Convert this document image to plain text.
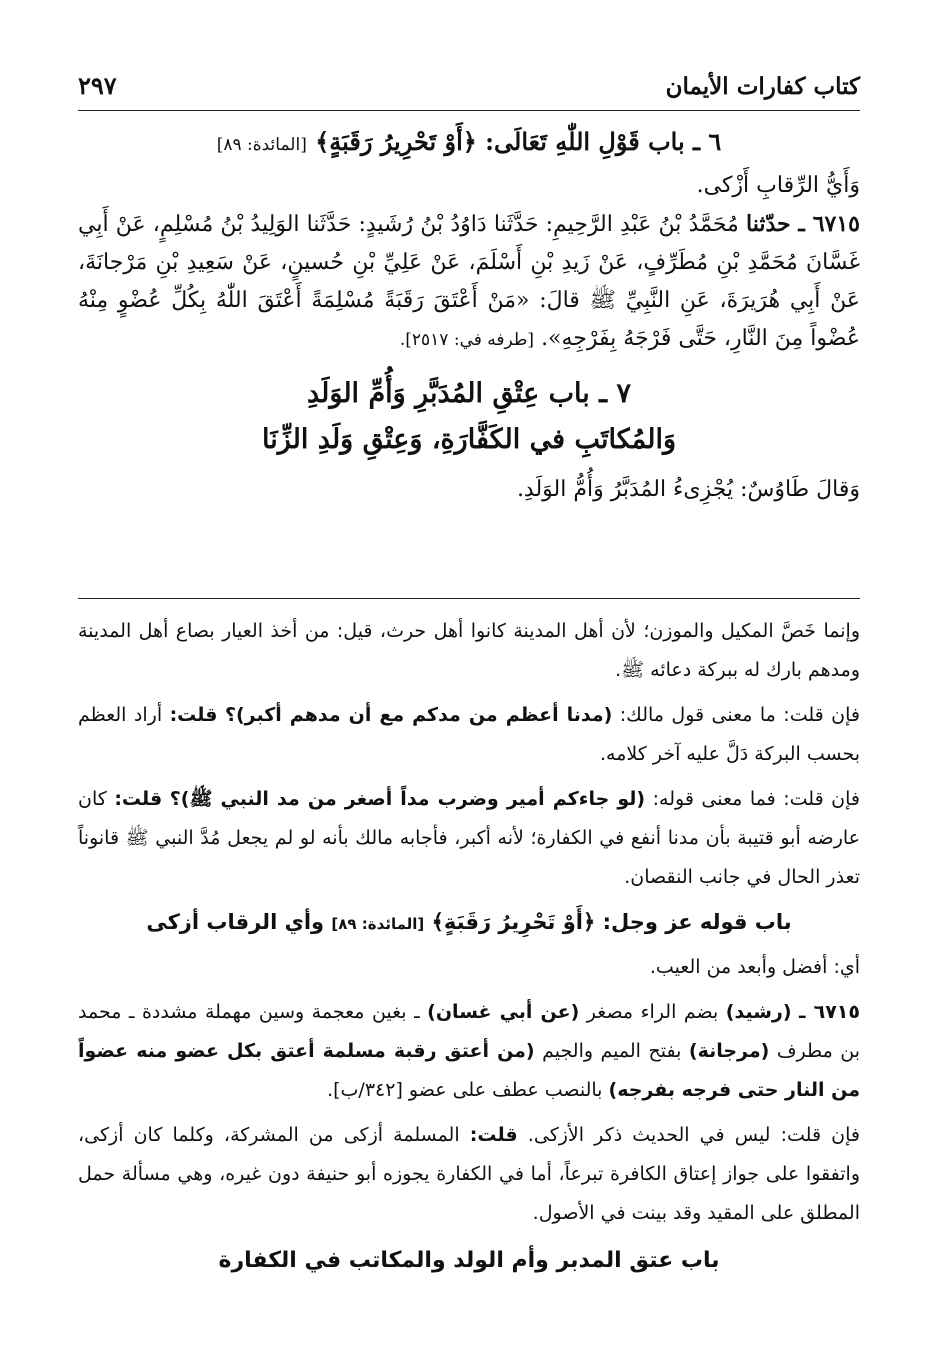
كتاب كفارات الأيمان
٢٩٧

٦ ـ باب قَوْلِ اللّٰهِ تَعَالَى: ﴿أَوْ تَحْرِيرُ رَقَبَةٍ﴾ [المائدة: ٨٩]

وَأَيُّ الرِّقابِ أَزْكى.

٦٧١٥ ـ حدّثنا مُحَمَّدُ بْنُ عَبْدِ الرَّحِيمِ: حَدَّثَنا دَاوُدُ بْنُ رُشَيدٍ: حَدَّثَنا الوَلِيدُ بْنُ مُسْلِمٍ، عَنْ أَبِي غَسَّانَ مُحَمَّدِ بْنِ مُطَرِّفٍ، عَنْ زَيدِ بْنِ أَسْلَمَ، عَنْ عَلِيِّ بْنِ حُسينٍ، عَنْ سَعِيدِ بْنِ مَرْجانَةَ، عَنْ أَبِي هُرَيرَةَ، عَنِ النَّبِيِّ ﷺ قالَ: «مَنْ أَعْتَقَ رَقَبَةً مُسْلِمَةً أَعْتَقَ اللّٰهُ بِكُلِّ عُضْوٍ مِنْهُ عُضْواً مِنَ النَّارِ، حَتَّى فَرْجَهُ بِفَرْجِهِ». [طرفه في: ٢٥١٧].

٧ ـ باب عِتْقِ المُدَبَّرِ وَأُمِّ الوَلَدِ
وَالمُكاتَبِ في الكَفَّارَةِ، وَعِتْقِ وَلَدِ الزِّنَا

وَقالَ طَاوُسٌ: يُجْزِىءُ المُدَبَّرُ وَأُمُّ الوَلَدِ.

وإنما خَصَّ المكيل والموزن؛ لأن أهل المدينة كانوا أهل حرث، قيل: من أخذ العيار بصاع أهل المدينة ومدهم بارك له ببركة دعائه ﷺ.

فإن قلت: ما معنى قول مالك: (مدنا أعظم من مدكم مع أن مدهم أكبر)؟ قلت: أراد العظم بحسب البركة دَلَّ عليه آخر كلامه.

فإن قلت: فما معنى قوله: (لو جاءكم أمير وضرب مداً أصغر من مد النبي ﷺ)؟ قلت: كان عارضه أبو قتيبة بأن مدنا أنفع في الكفارة؛ لأنه أكبر، فأجابه مالك بأنه لو لم يجعل مُدَّ النبي ﷺ قانوناً تعذر الحال في جانب النقصان.

باب قوله عز وجل: ﴿أَوْ تَحْرِيرُ رَقَبَةٍ﴾ [المائدة: ٨٩] وأي الرقاب أزكى

أي: أفضل وأبعد من العيب.

٦٧١٥ ـ (رشيد) بضم الراء مصغر (عن أبي غسان) ـ بغين معجمة وسين مهملة مشددة ـ محمد بن مطرف (مرجانة) بفتح الميم والجيم (من أعتق رقبة مسلمة أعتق بكل عضو منه عضواً من النار حتى فرجه بفرجه) بالنصب عطف على عضو [٣٤٢/ب].

فإن قلت: ليس في الحديث ذكر الأزكى. قلت: المسلمة أزكى من المشركة، وكلما كان أزكى، واتفقوا على جواز إعتاق الكافرة تبرعاً، أما في الكفارة يجوزه أبو حنيفة دون غيره، وهي مسألة حمل المطلق على المقيد وقد بينت في الأصول.

باب عتق المدبر وأم الولد والمكاتب في الكفارة
